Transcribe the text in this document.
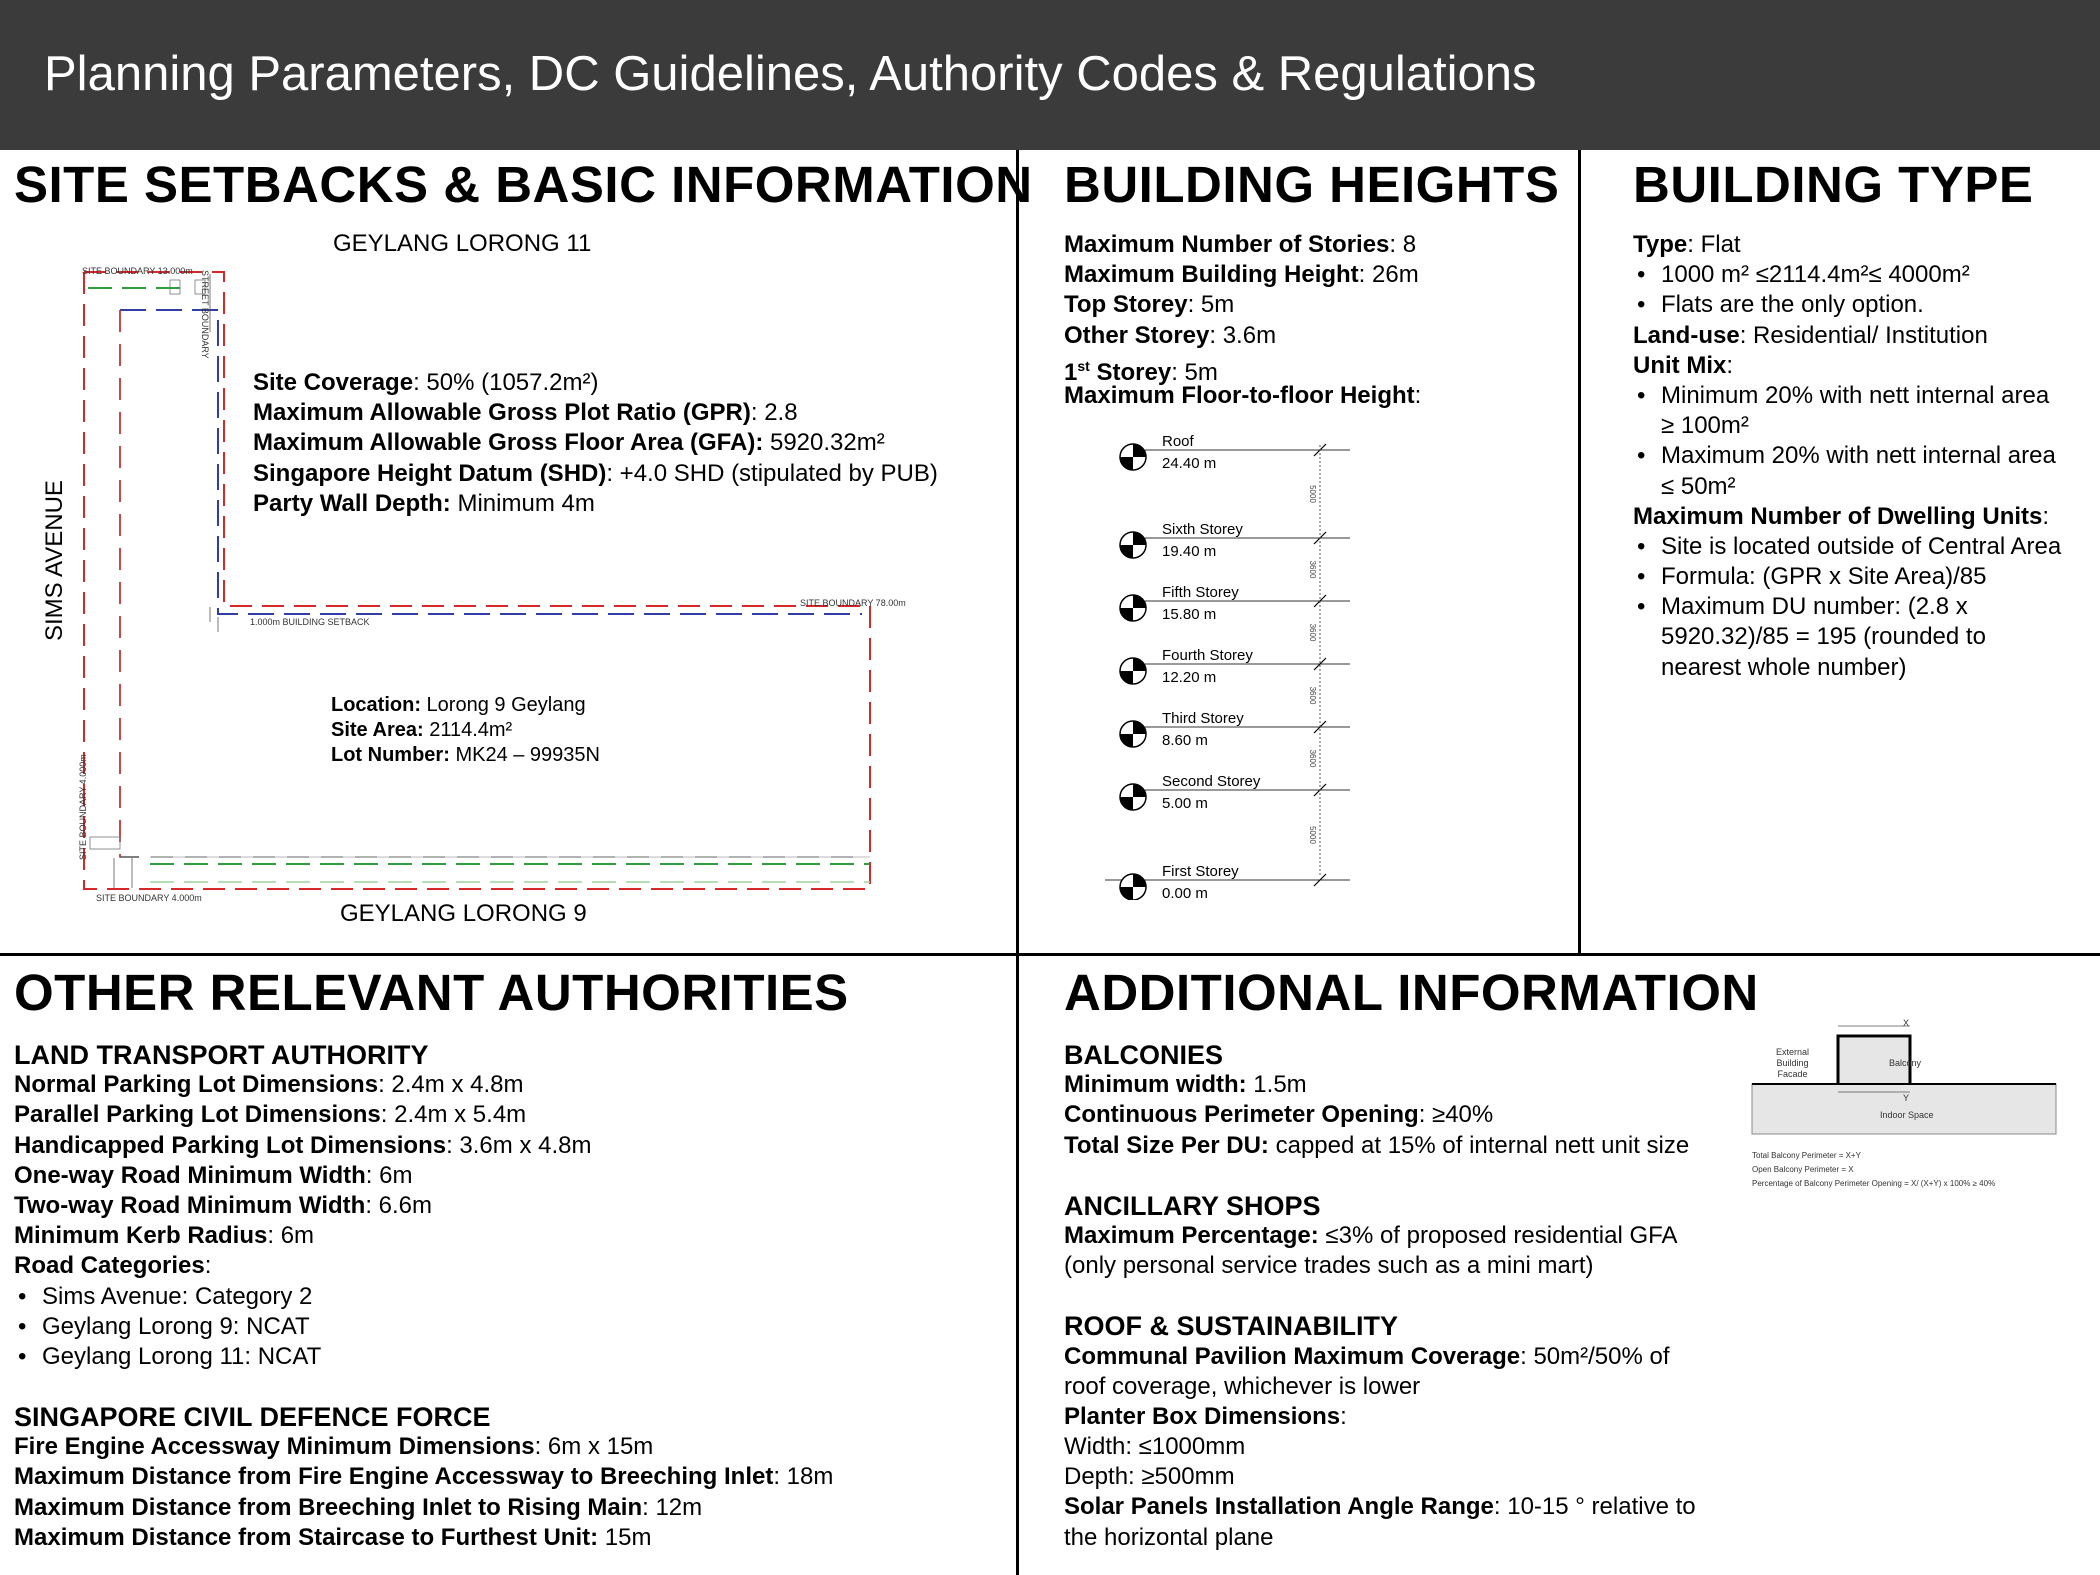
Planning Parameters, DC Guidelines, Authority Codes & Regulations
SITE SETBACKS & BASIC INFORMATION
GEYLANG LORONG 11
GEYLANG LORONG 9
SIMS AVENUE
SITE BOUNDARY 13.000m
SITE BOUNDARY 78.00m
1.000m BUILDING SETBACK
SITE BOUNDARY 4.000m
SITE BOUNDARY 4.000m
STREET BOUNDARY
Site Coverage: 50% (1057.2m²)
Maximum Allowable Gross Plot Ratio (GPR): 2.8
Maximum Allowable Gross Floor Area (GFA): 5920.32m²
Singapore Height Datum (SHD): +4.0 SHD (stipulated by PUB)
Party Wall Depth: Minimum 4m
Location: Lorong 9 Geylang
Site Area: 2114.4m²
Lot Number: MK24 – 99935N
BUILDING HEIGHTS
Maximum Number of Stories: 8
Maximum Building Height: 26m
Top Storey: 5m
Other Storey: 3.6m
1st Storey: 5m
Maximum Floor-to-floor Height:
5000
3600
3600
3600
3600
5000
Roof
24.40 m
Sixth Storey
19.40 m
Fifth Storey
15.80 m
Fourth Storey
12.20 m
Third Storey
8.60 m
Second Storey
5.00 m
First Storey
0.00 m
BUILDING TYPE
Type: Flat
• 1000 m² ≤2114.4m²≤ 4000m²
• Flats are the only option.
Land-use: Residential/ Institution
Unit Mix:
• Minimum 20% with nett internal area
≥ 100m²
• Maximum 20% with nett internal area
≤ 50m²
Maximum Number of Dwelling Units:
• Site is located outside of Central Area
• Formula: (GPR x Site Area)/85
• Maximum DU number: (2.8 x
5920.32)/85 = 195 (rounded to
nearest whole number)
OTHER RELEVANT AUTHORITIES
LAND TRANSPORT AUTHORITY
Normal Parking Lot Dimensions: 2.4m x 4.8m
Parallel Parking Lot Dimensions: 2.4m x 5.4m
Handicapped Parking Lot Dimensions: 3.6m x 4.8m
One-way Road Minimum Width: 6m
Two-way Road Minimum Width: 6.6m
Minimum Kerb Radius: 6m
Road Categories:
• Sims Avenue: Category 2
• Geylang Lorong 9: NCAT
• Geylang Lorong 11: NCAT
SINGAPORE CIVIL DEFENCE FORCE
Fire Engine Accessway Minimum Dimensions: 6m x 15m
Maximum Distance from Fire Engine Accessway to Breeching Inlet: 18m
Maximum Distance from Breeching Inlet to Rising Main: 12m
Maximum Distance from Staircase to Furthest Unit: 15m
ADDITIONAL INFORMATION
BALCONIES
Minimum width: 1.5m
Continuous Perimeter Opening: ≥40%
Total Size Per DU: capped at 15% of internal nett unit size
ANCILLARY SHOPS
Maximum Percentage: ≤3% of proposed residential GFA
(only personal service trades such as a mini mart)
ROOF & SUSTAINABILITY
Communal Pavilion Maximum Coverage: 50m²/50% of
roof coverage, whichever is lower
Planter Box Dimensions:
Width: ≤1000mm
Depth: ≥500mm
Solar Panels Installation Angle Range: 10-15 ° relative to
the horizontal plane
X
Y
External
Building
Facade
Balcony
Indoor Space
Total Balcony Perimeter = X+Y
Open Balcony Perimeter = X
Percentage of Balcony Perimeter Opening = X/ (X+Y) x 100% ≥ 40%
